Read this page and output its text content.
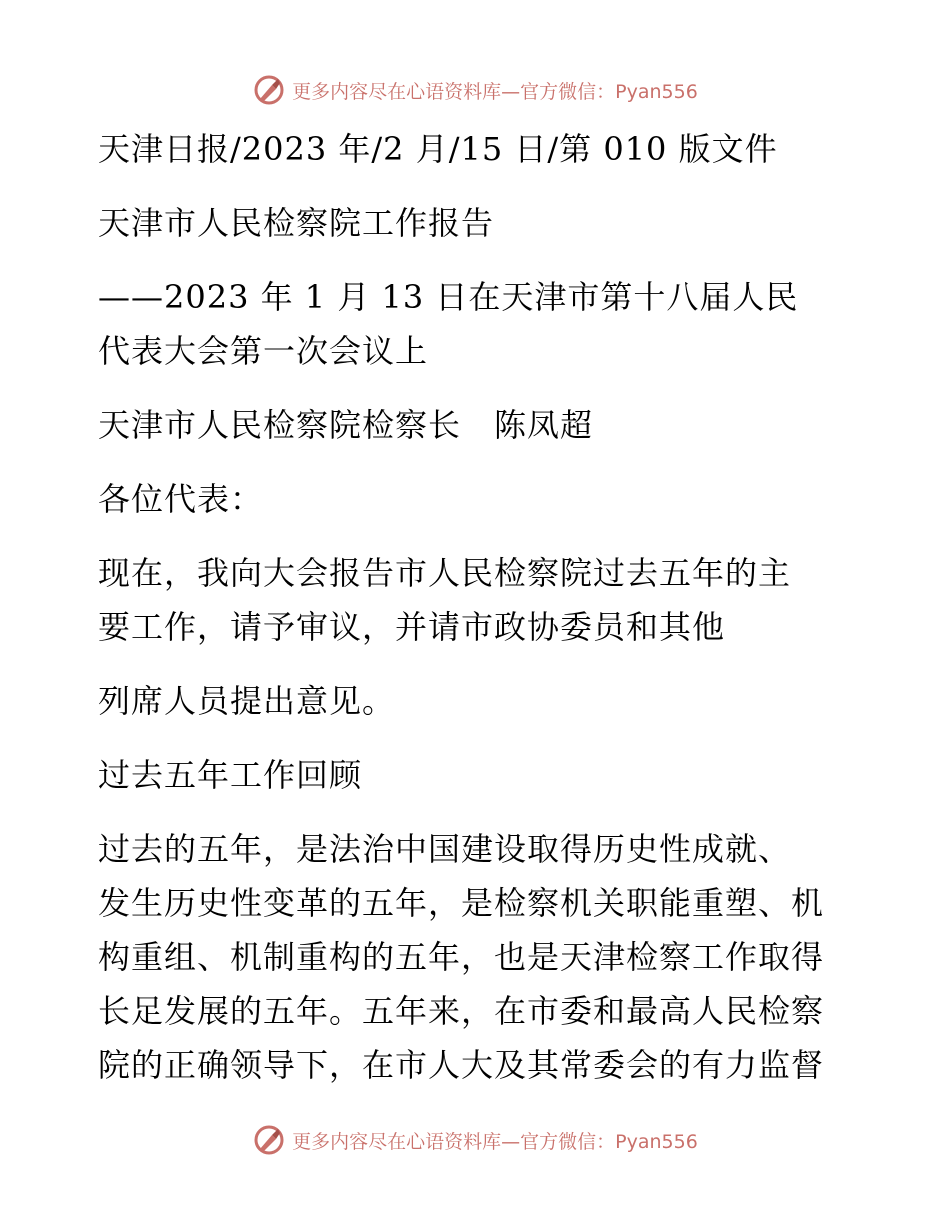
更多内容尽在心语资料库—官方微信：Pyan556
天津日报/2023 年/2 月/15 日/第 010 版文件
天津市人民检察院工作报告
——2023 年 1 月 13 日在天津市第十八届人民
代表大会第一次会议上
天津市人民检察院检察长　陈凤超
各位代表：
现在，我向大会报告市人民检察院过去五年的主
要工作，请予审议，并请市政协委员和其他
列席人员提出意见。
过去五年工作回顾
过去的五年，是法治中国建设取得历史性成就、
发生历史性变革的五年，是检察机关职能重塑、机
构重组、机制重构的五年，也是天津检察工作取得
长足发展的五年。五年来，在市委和最高人民检察
院的正确领导下，在市人大及其常委会的有力监督
更多内容尽在心语资料库—官方微信：Pyan556
